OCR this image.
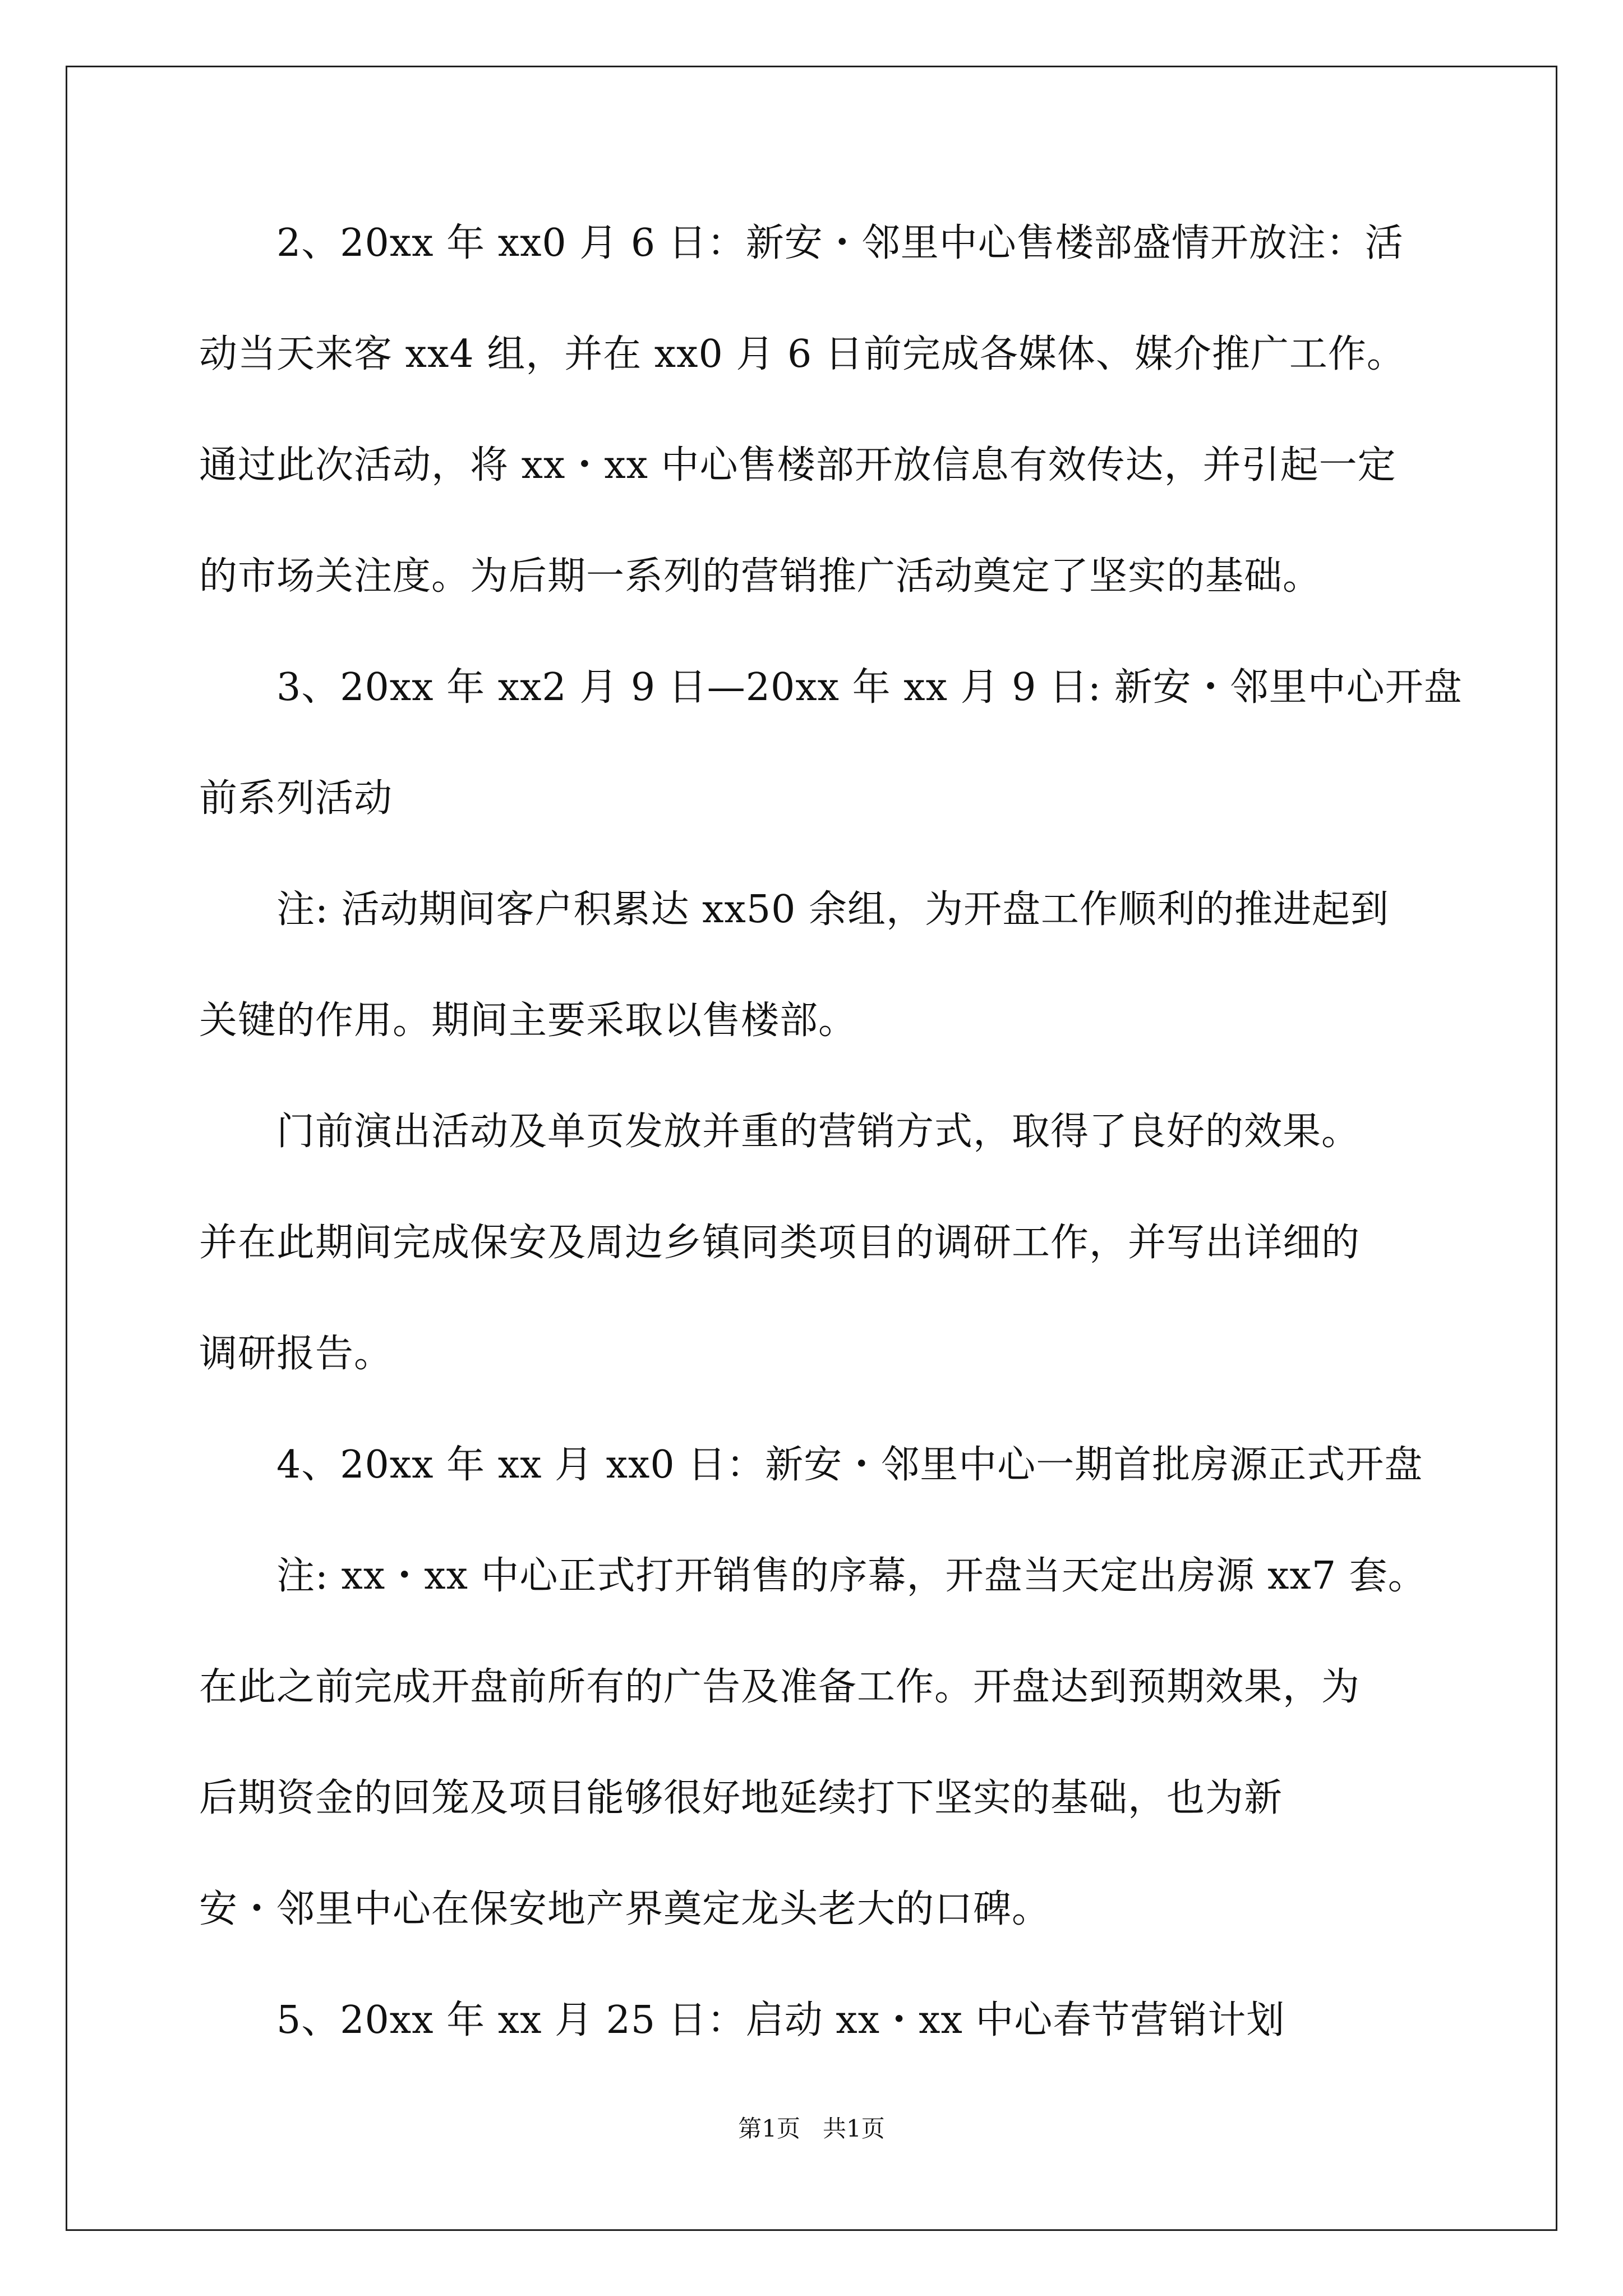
　　2、20xx 年 xx0 月 6 日：新安・邻里中心售楼部盛情开放注：活
动当天来客 xx4 组，并在 xx0 月 6 日前完成各媒体、媒介推广工作。
通过此次活动，将 xx・xx 中心售楼部开放信息有效传达，并引起一定
的市场关注度。为后期一系列的营销推广活动奠定了坚实的基础。
　　3、20xx 年 xx2 月 9 日—20xx 年 xx 月 9 日: 新安・邻里中心开盘
前系列活动
　　注: 活动期间客户积累达 xx50 余组，为开盘工作顺利的推进起到
关键的作用。期间主要采取以售楼部。
　　门前演出活动及单页发放并重的营销方式，取得了良好的效果。
并在此期间完成保安及周边乡镇同类项目的调研工作，并写出详细的
调研报告。
　　4、20xx 年 xx 月 xx0 日：新安・邻里中心一期首批房源正式开盘
　　注: xx・xx 中心正式打开销售的序幕，开盘当天定出房源 xx7 套。
在此之前完成开盘前所有的广告及准备工作。开盘达到预期效果，为
后期资金的回笼及项目能够很好地延续打下坚实的基础，也为新
安・邻里中心在保安地产界奠定龙头老大的口碑。
　　5、20xx 年 xx 月 25 日：启动 xx・xx 中心春节营销计划
第1页 共1页
